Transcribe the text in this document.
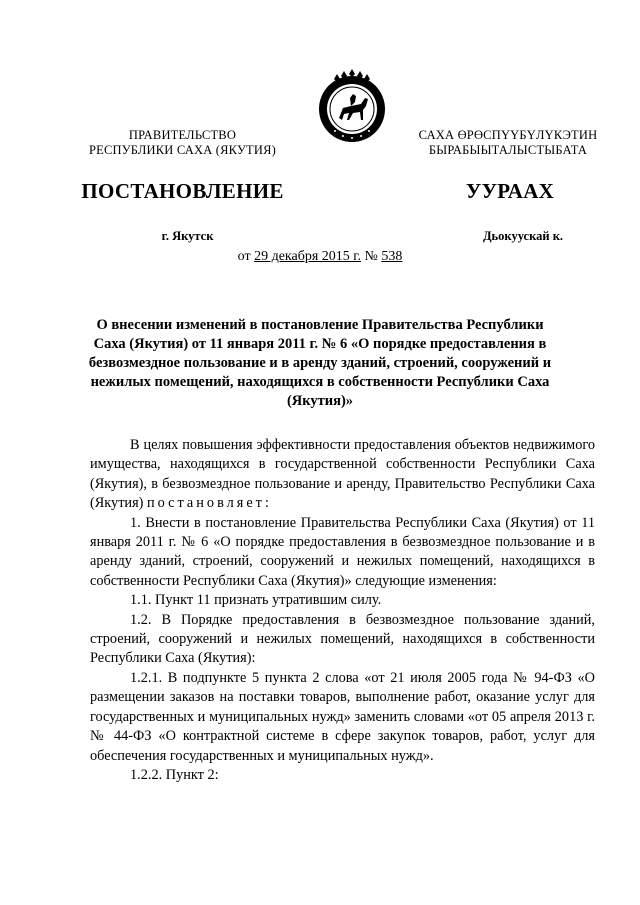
ПРАВИТЕЛЬСТВО
РЕСПУБЛИКИ САХА (ЯКУТИЯ)
ПОСТАНОВЛЕНИЕ
г. Якутск
САХА ӨРӨСПҮҮБҮЛҮКЭТИН
БЫРАБЫЫТАЛЫСТЫБАТА
УУРААХ
Дьокуускай к.
от 29 декабря 2015 г. № 538
О внесении изменений в постановление Правительства Республики Саха (Якутия) от 11 января 2011 г. № 6 «О порядке предоставления в безвозмездное пользование и в аренду зданий, строений, сооружений и нежилых помещений, находящихся в собственности Республики Саха (Якутия)»

В целях повышения эффективности предоставления объектов недвижимого имущества, находящихся в государственной собственности Республики Саха (Якутия), в безвозмездное пользование и аренду, Правительство Республики Саха (Якутия) постановляет:

1. Внести в постановление Правительства Республики Саха (Якутия) от 11 января 2011 г. № 6 «О порядке предоставления в безвозмездное пользование и в аренду зданий, строений, сооружений и нежилых помещений, находящихся в собственности Республики Саха (Якутия)» следующие изменения:

1.1. Пункт 11 признать утратившим силу.

1.2. В Порядке предоставления в безвозмездное пользование зданий, строений, сооружений и нежилых помещений, находящихся в собственности Республики Саха (Якутия):

1.2.1. В подпункте 5 пункта 2 слова «от 21 июля 2005 года № 94-ФЗ «О размещении заказов на поставки товаров, выполнение работ, оказание услуг для государственных и муниципальных нужд» заменить словами «от 05 апреля 2013 г. № 44-ФЗ «О контрактной системе в сфере закупок товаров, работ, услуг для обеспечения государственных и муниципальных нужд».

1.2.2. Пункт 2:
